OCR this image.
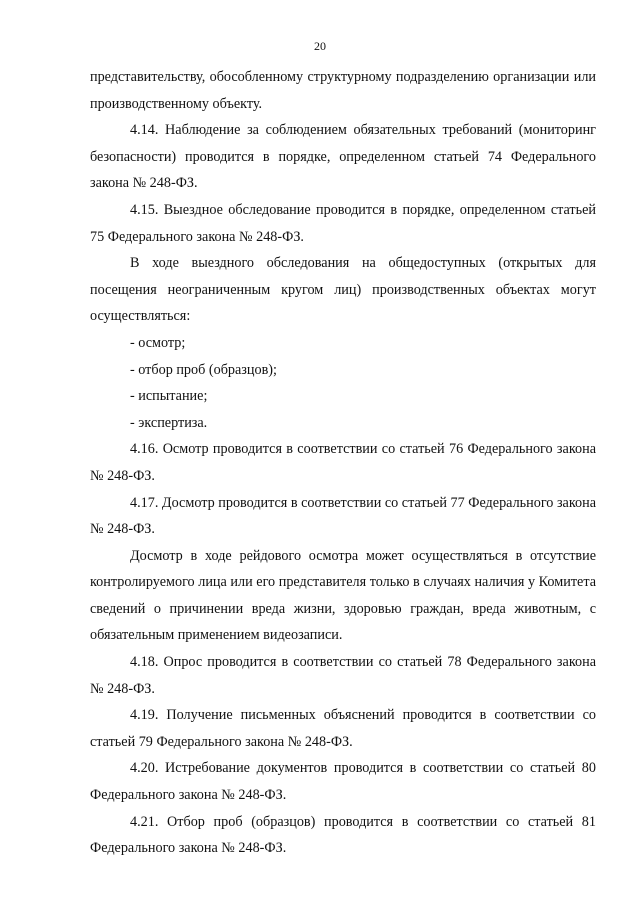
20

представительству, обособленному структурному подразделению организации или производственному объекту.

4.14. Наблюдение за соблюдением обязательных требований (мониторинг безопасности) проводится в порядке, определенном статьей 74 Федерального закона № 248-ФЗ.

4.15. Выездное обследование проводится в порядке, определенном статьей 75 Федерального закона № 248-ФЗ.

В ходе выездного обследования на общедоступных (открытых для посещения неограниченным кругом лиц) производственных объектах могут осуществляться:

- осмотр;

- отбор проб (образцов);

- испытание;

- экспертиза.

4.16. Осмотр проводится в соответствии со статьей 76 Федерального закона № 248-ФЗ.

4.17. Досмотр проводится в соответствии со статьей 77 Федерального закона № 248-ФЗ.

Досмотр в ходе рейдового осмотра может осуществляться в отсутствие контролируемого лица или его представителя только в случаях наличия у Комитета сведений о причинении вреда жизни, здоровью граждан, вреда животным, с обязательным применением видеозаписи.

4.18. Опрос проводится в соответствии со статьей 78 Федерального закона № 248-ФЗ.

4.19. Получение письменных объяснений проводится в соответствии со статьей 79 Федерального закона № 248-ФЗ.

4.20. Истребование документов проводится в соответствии со статьей 80 Федерального закона № 248-ФЗ.

4.21. Отбор проб (образцов) проводится в соответствии со статьей 81 Федерального закона № 248-ФЗ.
